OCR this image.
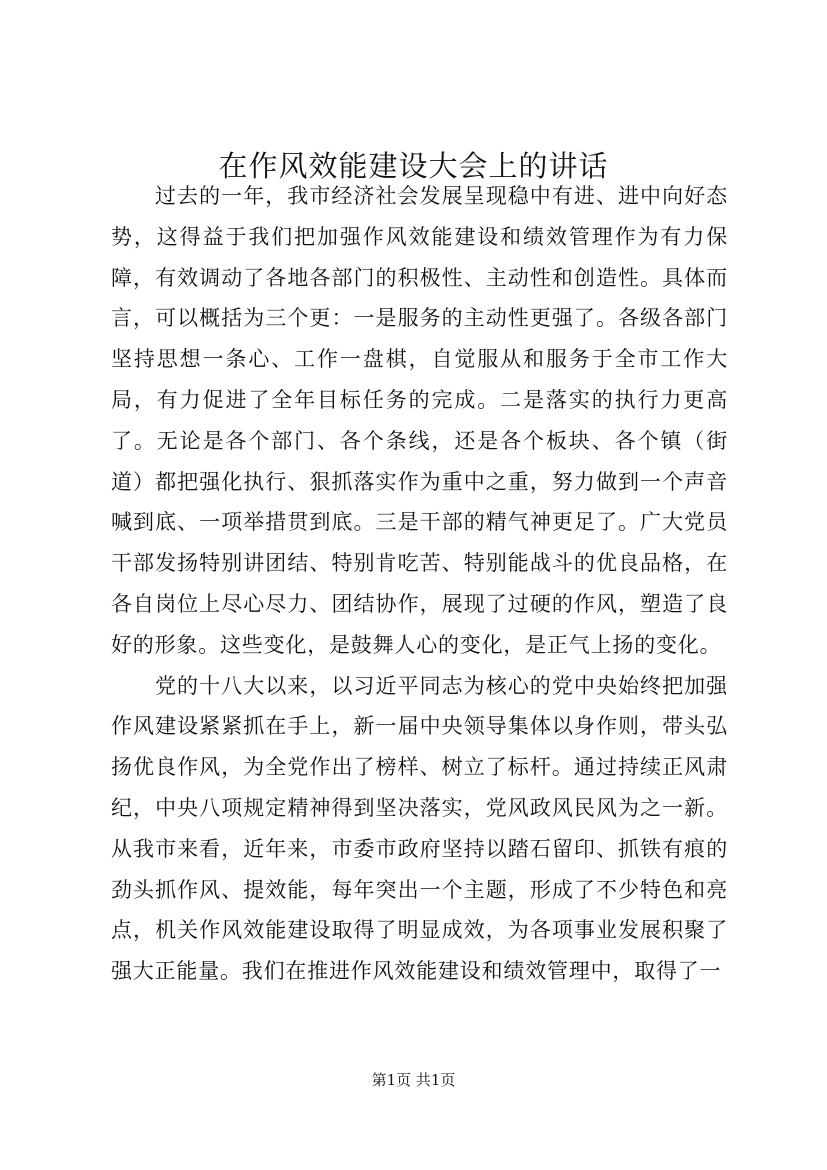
在作风效能建设大会上的讲话

过去的一年，我市经济社会发展呈现稳中有进、进中向好态势，这得益于我们把加强作风效能建设和绩效管理作为有力保障，有效调动了各地各部门的积极性、主动性和创造性。具体而言，可以概括为三个更：一是服务的主动性更强了。各级各部门坚持思想一条心、工作一盘棋，自觉服从和服务于全市工作大局，有力促进了全年目标任务的完成。二是落实的执行力更高了。无论是各个部门、各个条线，还是各个板块、各个镇（街道）都把强化执行、狠抓落实作为重中之重，努力做到一个声音喊到底、一项举措贯到底。三是干部的精气神更足了。广大党员干部发扬特别讲团结、特别肯吃苦、特别能战斗的优良品格，在各自岗位上尽心尽力、团结协作，展现了过硬的作风，塑造了良好的形象。这些变化，是鼓舞人心的变化，是正气上扬的变化。

党的十八大以来，以习近平同志为核心的党中央始终把加强作风建设紧紧抓在手上，新一届中央领导集体以身作则，带头弘扬优良作风，为全党作出了榜样、树立了标杆。通过持续正风肃纪，中央八项规定精神得到坚决落实，党风政风民风为之一新。从我市来看，近年来，市委市政府坚持以踏石留印、抓铁有痕的劲头抓作风、提效能，每年突出一个主题，形成了不少特色和亮点，机关作风效能建设取得了明显成效，为各项事业发展积聚了强大正能量。我们在推进作风效能建设和绩效管理中，取得了一

第1页 共1页
